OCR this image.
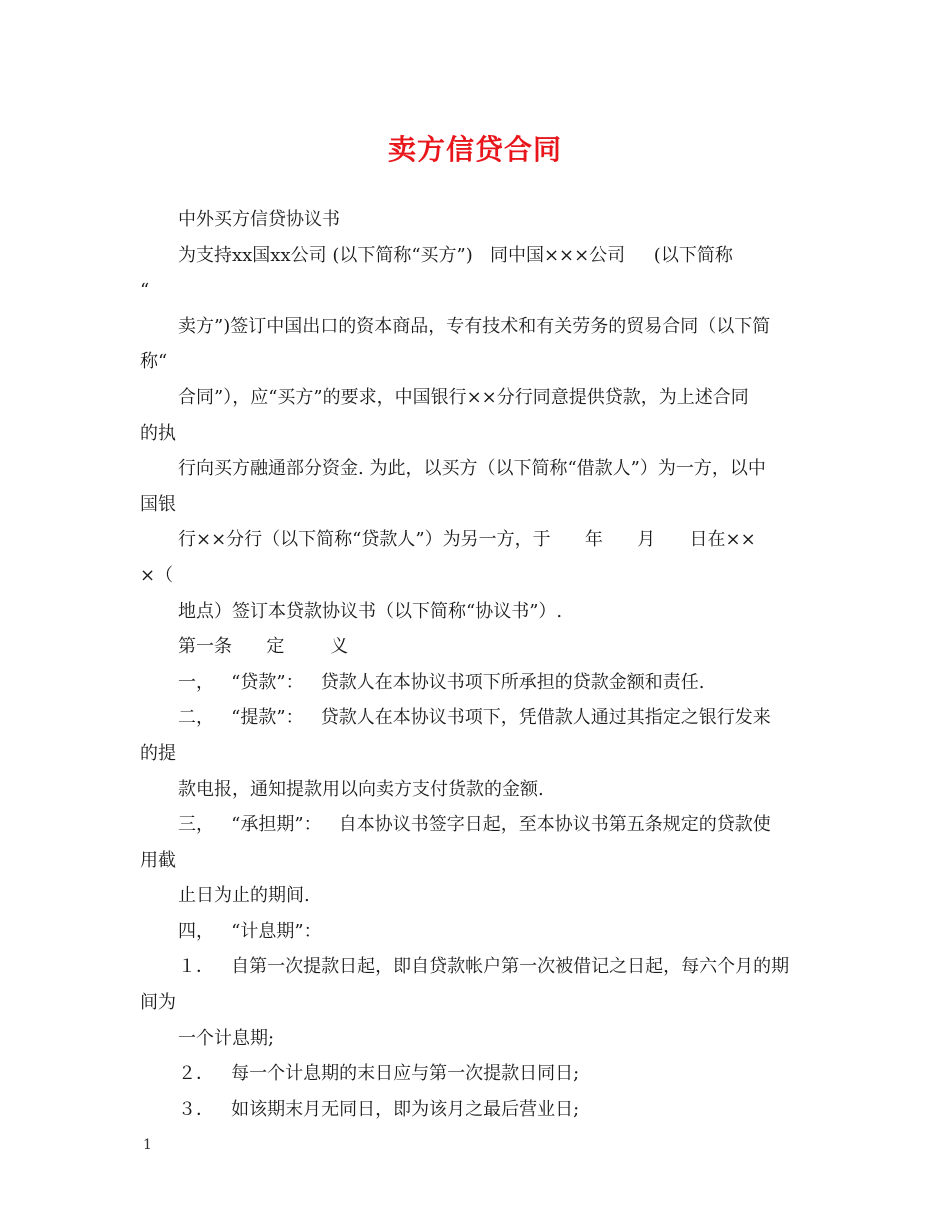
卖方信贷合同
中外买方信贷协议书
为支持xx国xx公司 (以下简称“买方”)   同中国×××公司     (以下简称
“
卖方”)签订中国出口的资本商品，专有技术和有关劳务的贸易合同（以下简
称“
合同”），应“买方”的要求，中国银行××分行同意提供贷款，为上述合同
的执
行向买方融通部分资金. 为此，以买方（以下简称“借款人”）为一方，以中
国银
行××分行（以下简称“贷款人”）为另一方，于      年      月      日在××
×（
地点）签订本贷款协议书（以下简称“协议书”）.
第一条      定        义
一，   “贷款”：   贷款人在本协议书项下所承担的贷款金额和责任.
二，   “提款”：   贷款人在本协议书项下，凭借款人通过其指定之银行发来
的提
款电报，通知提款用以向卖方支付货款的金额.
三，   “承担期”：   自本协议书签字日起，至本协议书第五条规定的贷款使
用截
止日为止的期间.
四，   “计息期”：
１．   自第一次提款日起，即自贷款帐户第一次被借记之日起，每六个月的期
间为
一个计息期;
２．   每一个计息期的末日应与第一次提款日同日;
３．   如该期末月无同日，即为该月之最后营业日;
1
